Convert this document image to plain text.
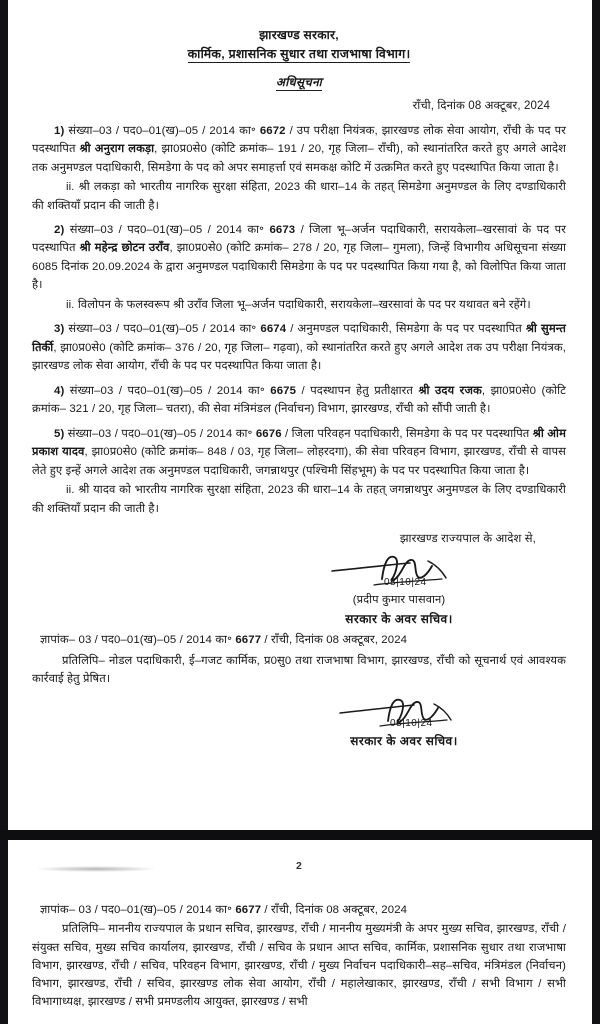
झारखण्ड सरकार,
कार्मिक, प्रशासनिक सुधार तथा राजभाषा विभाग।
अधिसूचना
राँची, दिनांक 08 अक्टूबर, 2024
1) संख्या–03 / पद0–01(ख)–05 / 2014 का॰ 6672 / उप परीक्षा नियंत्रक, झारखण्ड लोक सेवा आयोग, राँची के पद पर पदस्थापित श्री अनुराग लकड़ा, झा0प्र0से0 (कोटि क्रमांक– 191 / 20, गृह जिला– राँची), को स्थानांतरित करते हुए अगले आदेश तक अनुमण्डल पदाधिकारी, सिमडेगा के पद को अपर समाहर्त्ता एवं समकक्ष कोटि में उत्क्रमित करते हुए पदस्थापित किया जाता है।
ii. श्री लकड़ा को भारतीय नागरिक सुरक्षा संहिता, 2023 की धारा–14 के तहत् सिमडेगा अनुमण्डल के लिए दण्डाधिकारी की शक्तियाँ प्रदान की जाती है।
2) संख्या–03 / पद0–01(ख)–05 / 2014 का॰ 6673 / जिला भू–अर्जन पदाधिकारी, सरायकेला–खरसावां के पद पर पदस्थापित श्री महेन्द्र छोटन उराँव, झा0प्र0से0 (कोटि क्रमांक– 278 / 20, गृह जिला– गुमला), जिन्हें विभागीय अधिसूचना संख्या 6085 दिनांक 20.09.2024 के द्वारा अनुमण्डल पदाधिकारी सिमडेगा के पद पर पदस्थापित किया गया है, को विलोपित किया जाता है।
ii. विलोपन के फलस्वरूप श्री उराँव जिला भू–अर्जन पदाधिकारी, सरायकेला–खरसावां के पद पर यथावत बने रहेंगे।
3) संख्या–03 / पद0–01(ख)–05 / 2014 का॰ 6674 / अनुमण्डल पदाधिकारी, सिमडेगा के पद पर पदस्थापित श्री सुमन्त तिर्की, झा0प्र0से0 (कोटि क्रमांक– 376 / 20, गृह जिला– गढ़वा), को स्थानांतरित करते हुए अगले आदेश तक उप परीक्षा नियंत्रक, झारखण्ड लोक सेवा आयोग, राँची के पद पर पदस्थापित किया जाता है।
4) संख्या–03 / पद0–01(ख)–05 / 2014 का॰ 6675 / पदस्थापन हेतु प्रतीक्षारत श्री उदय रजक, झा0प्र0से0 (कोटि क्रमांक– 321 / 20, गृह जिला– चतरा), की सेवा मंत्रिमंडल (निर्वाचन) विभाग, झारखण्ड, राँची को सौंपी जाती है।
5) संख्या–03 / पद0–01(ख)–05 / 2014 का॰ 6676 / जिला परिवहन पदाधिकारी, सिमडेगा के पद पर पदस्थापित श्री ओम प्रकाश यादव, झा0प्र0से0 (कोटि क्रमांक– 848 / 03, गृह जिला– लोहरदगा), की सेवा परिवहन विभाग, झारखण्ड, राँची से वापस लेते हुए इन्हें अगले आदेश तक अनुमण्डल पदाधिकारी, जगन्नाथपुर (पश्चिमी सिंहभूम) के पद पर पदस्थापित किया जाता है।
ii. श्री यादव को भारतीय नागरिक सुरक्षा संहिता, 2023 की धारा–14 के तहत् जगन्नाथपुर अनुमण्डल के लिए दण्डाधिकारी की शक्तियाँ प्रदान की जाती है।
झारखण्ड राज्यपाल के आदेश से,
08|10|24
(प्रदीप कुमार पासवान)
सरकार के अवर सचिव।
ज्ञापांक– 03 / पद0–01(ख)–05 / 2014 का॰ 6677 / राँची, दिनांक 08 अक्टूबर, 2024
प्रतिलिपि– नोडल पदाधिकारी, ई–गजट कार्मिक, प्र0सु0 तथा राजभाषा विभाग, झारखण्ड, राँची को सूचनार्थ एवं आवश्यक कार्रवाई हेतु प्रेषित।
08|10|24
सरकार के अवर सचिव।
2
ज्ञापांक– 03 / पद0–01(ख)–05 / 2014 का॰ 6677 / राँची, दिनांक 08 अक्टूबर, 2024
प्रतिलिपि– माननीय राज्यपाल के प्रधान सचिव, झारखण्ड, राँची / माननीय मुख्यमंत्री के अपर मुख्य सचिव, झारखण्ड, राँची / संयुक्त सचिव, मुख्य सचिव कार्यालय, झारखण्ड, राँची / सचिव के प्रधान आप्त सचिव, कार्मिक, प्रशासनिक सुधार तथा राजभाषा विभाग, झारखण्ड, राँची / सचिव, परिवहन विभाग, झारखण्ड, राँची / मुख्य निर्वाचन पदाधिकारी–सह–सचिव, मंत्रिमंडल (निर्वाचन) विभाग, झारखण्ड, राँची / सचिव, झारखण्ड लोक सेवा आयोग, राँची / महालेखाकार, झारखण्ड, राँची / सभी विभाग / सभी विभागाध्यक्ष, झारखण्ड / सभी प्रमण्डलीय आयुक्त, झारखण्ड / सभी
